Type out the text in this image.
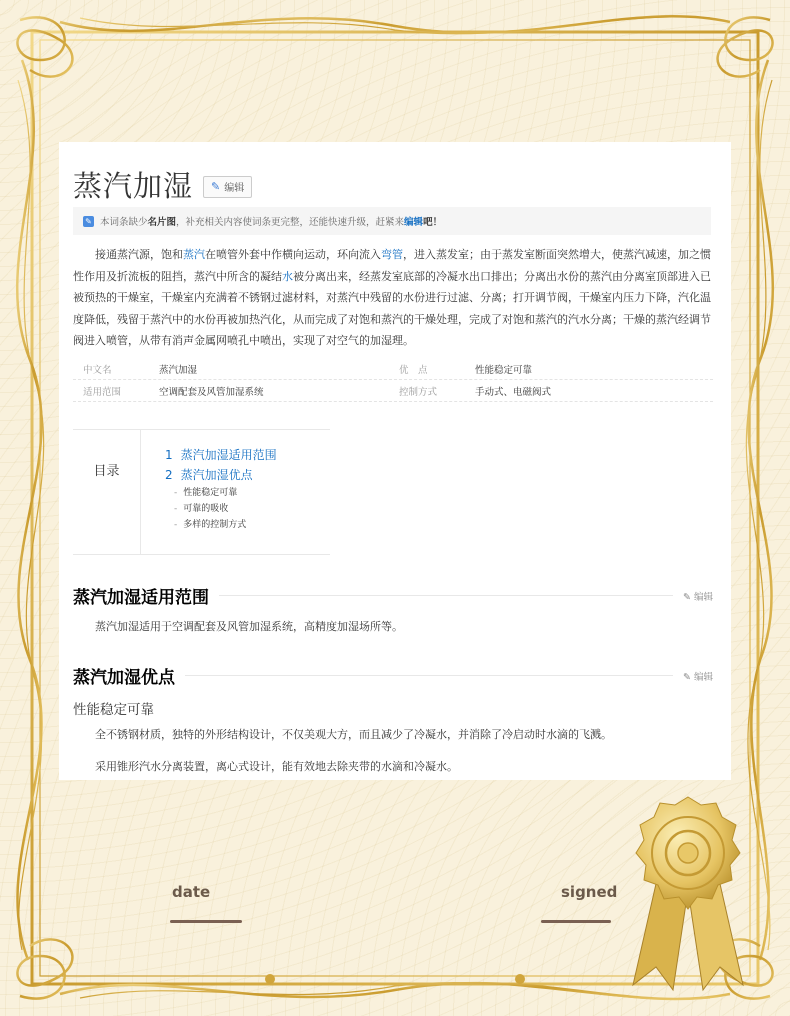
date	signed
蒸汽加湿 ✎ 编辑
✎ 本词条缺少 名片图 ，补充相关内容使词条更完整，还能快速升级，赶紧来 编辑 吧！
接通蒸汽源，饱和蒸汽在喷管外套中作横向运动，环向流入弯管，进入蒸发室；由于蒸发室断面突然增大，使蒸汽减速，加之惯性作用及折流板的阻挡，蒸汽中所含的凝结水被分离出来，经蒸发室底部的冷凝水出口排出；分离出水份的蒸汽由分离室顶部进入已被预热的干燥室，干燥室内充满着不锈钢过滤材料，对蒸汽中残留的水份进行过滤、分离；打开调节阀，干燥室内压力下降，汽化温度降低，残留于蒸汽中的水份再被加热汽化，从而完成了对饱和蒸汽的干燥处理，完成了对饱和蒸汽的汽水分离；干燥的蒸汽经调节阀进入喷管，从带有消声金属网喷孔中喷出，实现了对空气的加湿理。
中文名	蒸汽加湿	优　点	性能稳定可靠
适用范围	空调配套及风管加湿系统	控制方式	手动式、电磁阀式
目录
1 蒸汽加湿适用范围
2 蒸汽加湿优点
- 性能稳定可靠
- 可靠的吸收
- 多样的控制方式
蒸汽加湿适用范围	✎ 编辑
蒸汽加湿适用于空调配套及风管加湿系统，高精度加湿场所等。
蒸汽加湿优点	✎ 编辑
性能稳定可靠
全不锈钢材质，独特的外形结构设计，不仅美观大方，而且减少了冷凝水，并消除了冷启动时水滴的飞溅。
采用锥形汽水分离装置，离心式设计，能有效地去除夹带的水滴和冷凝水。
